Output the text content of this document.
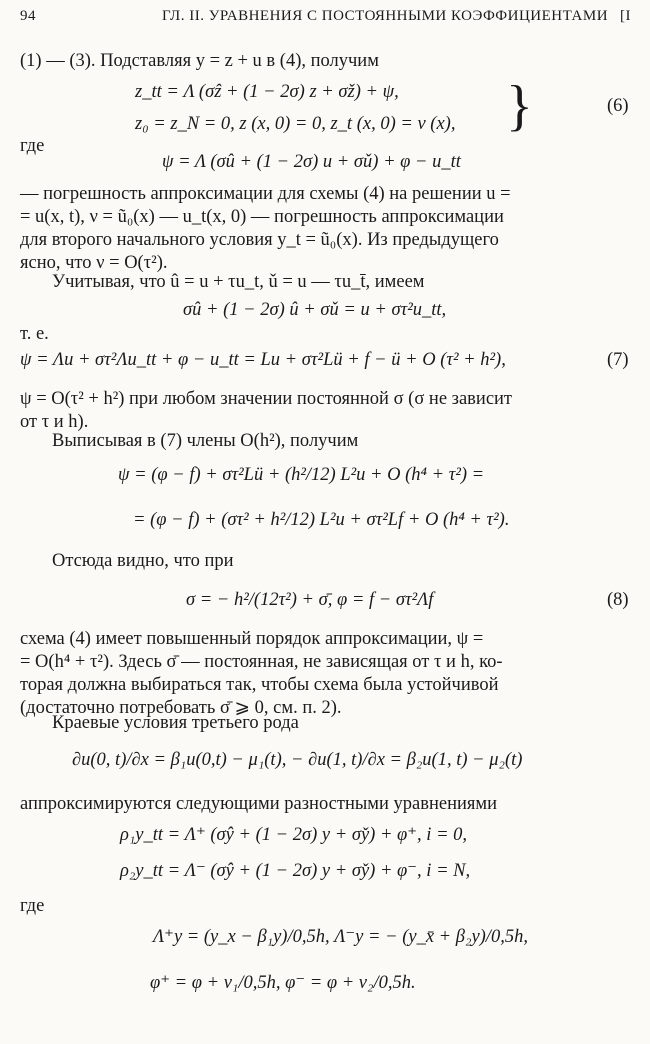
94	ГЛ. II. УРАВНЕНИЯ С ПОСТОЯННЫМИ КОЭФФИЦИЕНТАМИ [I
(1) — (3). Подставляя y = z + u в (4), получим
z_tt = Λ (σẑ + (1 − 2σ) z + σž) + ψ,
z₀ = z_N = 0, z (x, 0) = 0, z_t (x, 0) = ν (x), }	(6)
где
ψ = Λ (σû + (1 − 2σ) u + σǔ) + φ − u_tt
— погрешность аппроксимации для схемы (4) на решении u =
= u(x, t), ν = ũ₀(x) — u_t(x, 0) — погрешность аппроксимации
для второго начального условия y_t = ũ₀(x). Из предыдущего
ясно, что ν = O(τ²).
Учитывая, что û = u + τu_t, ǔ = u — τu_t̄, имеем
σû + (1 − 2σ) û + σǔ = u + στ²u_tt,
т. е.
ψ = Λu + στ²Λu_tt + φ − u_tt = Lu + στ²Lü + f − ü + O (τ² + h²),	(7)
ψ = O(τ² + h²) при любом значении постоянной σ (σ не зависит
от τ и h).
Выписывая в (7) члены O(h²), получим
ψ = (φ − f) + στ²Lü + (h²/12) L²u + O (h⁴ + τ²) =
= (φ − f) + (στ² + h²/12) L²u + στ²Lf + O (h⁴ + τ²).
Отсюда видно, что при
σ = − h²/(12τ²) + σ̄, φ = f − στ²Λf	(8)
схема (4) имеет повышенный порядок аппроксимации, ψ =
= O(h⁴ + τ²). Здесь σ̄ — постоянная, не зависящая от τ и h, ко-
торая должна выбираться так, чтобы схема была устойчивой
(достаточно потребовать σ̄ ⩾ 0, см. п. 2).
Краевые условия третьего рода
∂u(0, t)/∂x = β₁u(0,t) − μ₁(t), − ∂u(1, t)/∂x = β₂u(1, t) − μ₂(t)
аппроксимируются следующими разностными уравнениями
ρ₁y_tt = Λ⁺ (σŷ + (1 − 2σ) y + σy̌) + φ⁺, i = 0,
ρ₂y_tt = Λ⁻ (σŷ + (1 − 2σ) y + σy̌) + φ⁻, i = N,
где
Λ⁺y = (y_x − β₁y)/0,5h, Λ⁻y = − (y_x̄ + β₂y)/0,5h,
φ⁺ = φ + ν₁/0,5h, φ⁻ = φ + ν₂/0,5h.
